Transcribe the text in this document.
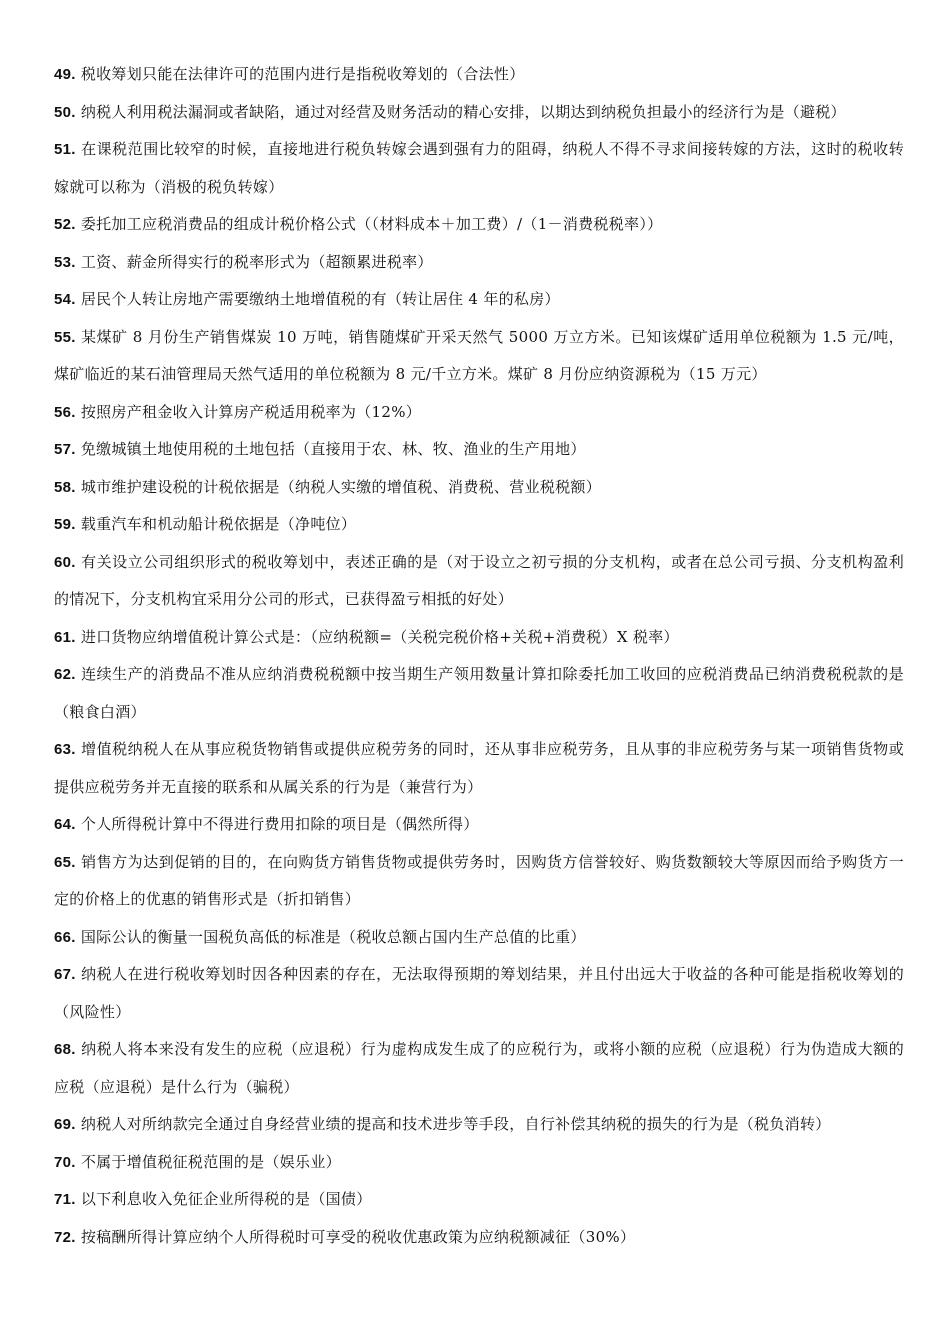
49. 税收筹划只能在法律许可的范围内进行是指税收筹划的（合法性）
50. 纳税人利用税法漏洞或者缺陷，通过对经营及财务活动的精心安排，以期达到纳税负担最小的经济行为是（避税）
51. 在课税范围比较窄的时候，直接地进行税负转嫁会遇到强有力的阻碍，纳税人不得不寻求间接转嫁的方法，这时的税收转嫁就可以称为（消极的税负转嫁）
52. 委托加工应税消费品的组成计税价格公式（（材料成本＋加工费）/（1－消费税税率））
53. 工资、薪金所得实行的税率形式为（超额累进税率）
54. 居民个人转让房地产需要缴纳土地增值税的有（转让居住 4 年的私房）
55. 某煤矿 8 月份生产销售煤炭 10 万吨，销售随煤矿开采天然气 5000 万立方米。已知该煤矿适用单位税额为 1.5 元/吨，煤矿临近的某石油管理局天然气适用的单位税额为 8 元/千立方米。煤矿 8 月份应纳资源税为（15 万元）
56. 按照房产租金收入计算房产税适用税率为（12%）
57. 免缴城镇土地使用税的土地包括（直接用于农、林、牧、渔业的生产用地）
58. 城市维护建设税的计税依据是（纳税人实缴的增值税、消费税、营业税税额）
59. 载重汽车和机动船计税依据是（净吨位）
60. 有关设立公司组织形式的税收筹划中，表述正确的是（对于设立之初亏损的分支机构，或者在总公司亏损、分支机构盈利的情况下，分支机构宜采用分公司的形式，已获得盈亏相抵的好处）
61. 进口货物应纳增值税计算公式是：（应纳税额=（关税完税价格+关税+消费税）X 税率）
62. 连续生产的消费品不准从应纳消费税税额中按当期生产领用数量计算扣除委托加工收回的应税消费品已纳消费税税款的是（粮食白酒）
63. 增值税纳税人在从事应税货物销售或提供应税劳务的同时，还从事非应税劳务，且从事的非应税劳务与某一项销售货物或提供应税劳务并无直接的联系和从属关系的行为是（兼营行为）
64. 个人所得税计算中不得进行费用扣除的项目是（偶然所得）
65. 销售方为达到促销的目的，在向购货方销售货物或提供劳务时，因购货方信誉较好、购货数额较大等原因而给予购货方一定的价格上的优惠的销售形式是（折扣销售）
66. 国际公认的衡量一国税负高低的标准是（税收总额占国内生产总值的比重）
67. 纳税人在进行税收筹划时因各种因素的存在，无法取得预期的筹划结果，并且付出远大于收益的各种可能是指税收筹划的（风险性）
68. 纳税人将本来没有发生的应税（应退税）行为虚构成发生成了的应税行为，或将小额的应税（应退税）行为伪造成大额的应税（应退税）是什么行为（骗税）
69. 纳税人对所纳款完全通过自身经营业绩的提高和技术进步等手段，自行补偿其纳税的损失的行为是（税负消转）
70. 不属于增值税征税范围的是（娱乐业）
71. 以下利息收入免征企业所得税的是（国债）
72. 按稿酬所得计算应纳个人所得税时可享受的税收优惠政策为应纳税额减征（30%）
